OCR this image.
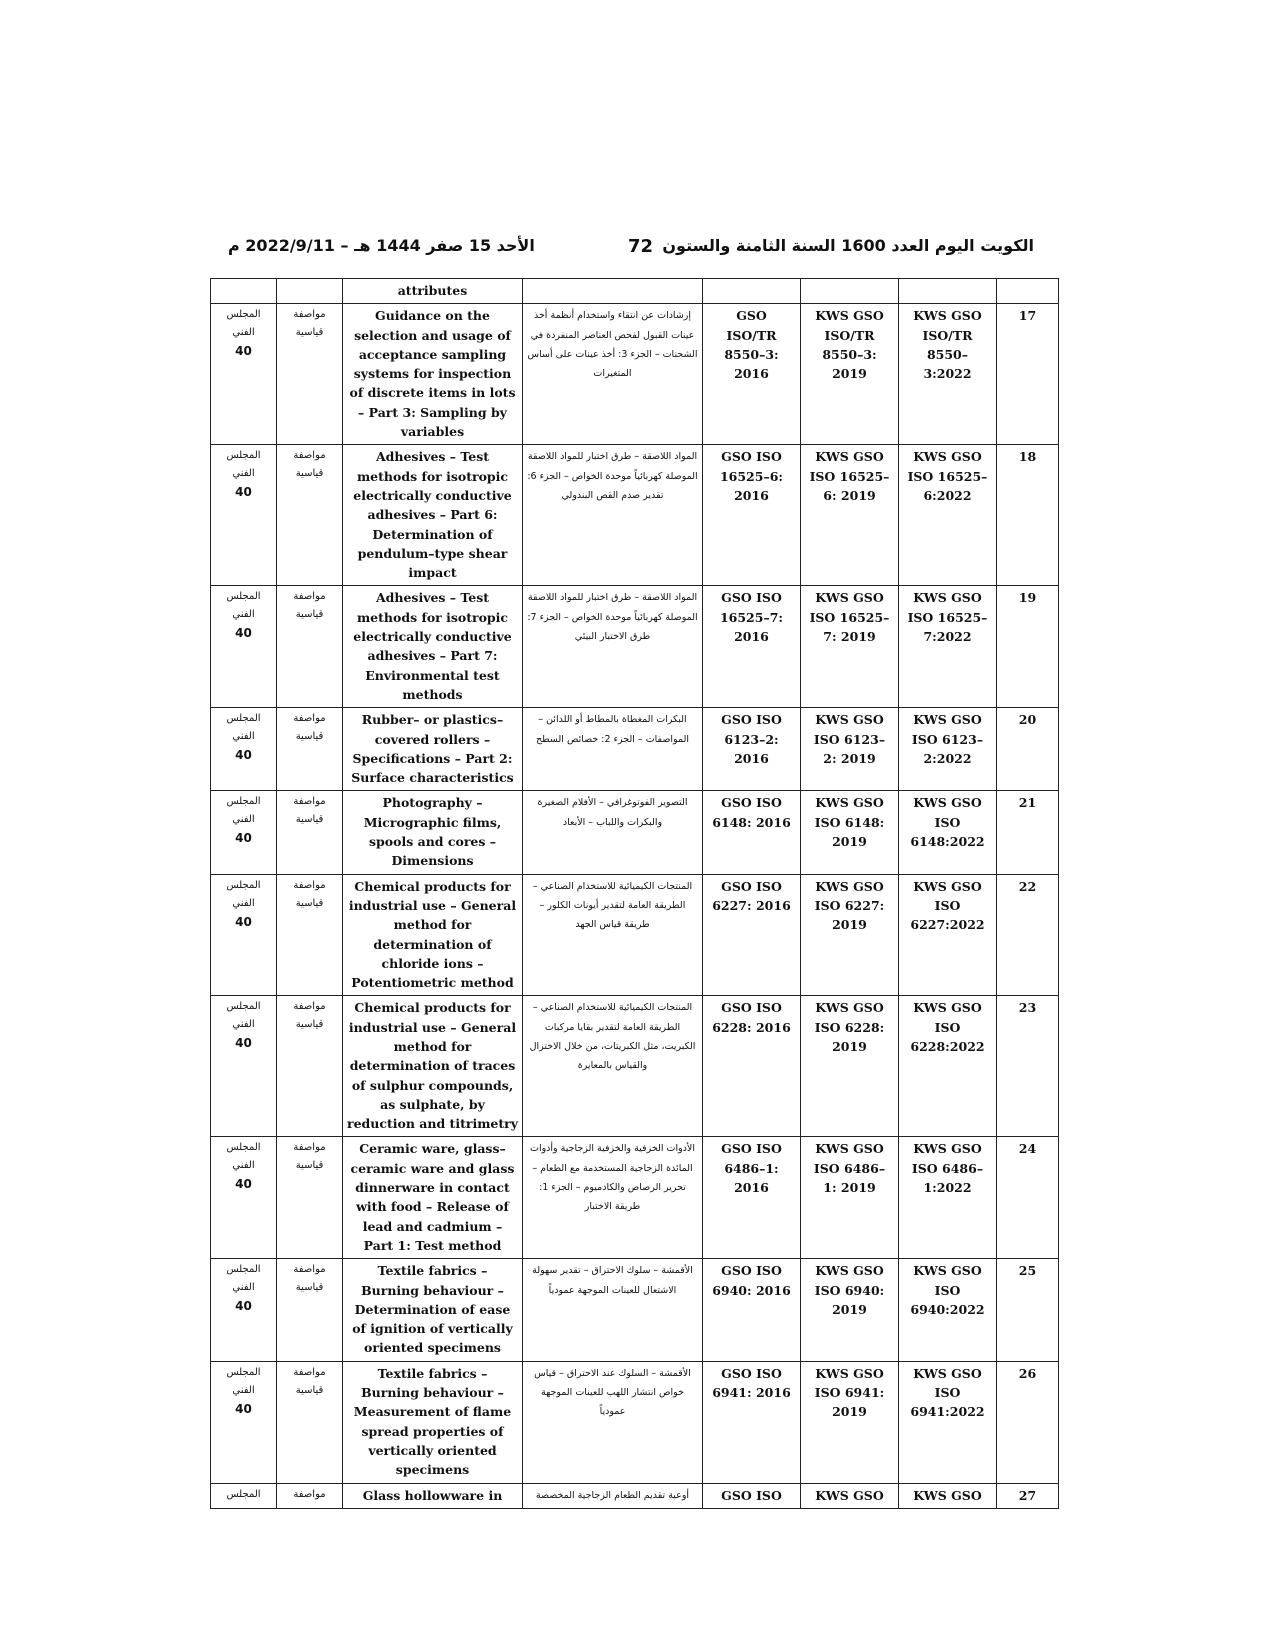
الكويت اليوم العدد 1600 السنة الثامنة والستون
72
الأحد 15 صفر 1444 هـ – 2022/9/11 م
		attributes					

المجلس
الفني
40	مواصفة
قياسية	Guidance on the selection and usage of acceptance sampling systems for inspection of discrete items in lots – Part 3: Sampling by variables	إرشادات عن انتقاء واستخدام أنظمة أخذ عينات القبول لفحص العناصر المنفردة في الشحنات – الجزء 3: أخذ عينات على أساس المتغيرات	GSO
ISO/TR
8550–3:
2016	KWS GSO
ISO/TR
8550–3:
2019	KWS GSO
ISO/TR
8550–
3:2022	17

المجلس
الفني
40	مواصفة
قياسية	Adhesives – Test methods for isotropic electrically conductive adhesives – Part 6: Determination of pendulum–type shear impact	المواد اللاصقة – طرق اختبار للمواد اللاصقة الموصلة كهربائياً موحدة الخواص – الجزء 6: تقدير صدم القص البندولي	GSO ISO
16525–6:
2016	KWS GSO
ISO 16525–
6: 2019	KWS GSO
ISO 16525–
6:2022	18

المجلس
الفني
40	مواصفة
قياسية	Adhesives – Test methods for isotropic electrically conductive adhesives – Part 7: Environmental test methods	المواد اللاصقة – طرق اختبار للمواد اللاصقة الموصلة كهربائياً موحدة الخواص – الجزء 7: طرق الاختبار البيئي	GSO ISO
16525–7:
2016	KWS GSO
ISO 16525–
7: 2019	KWS GSO
ISO 16525–
7:2022	19

المجلس
الفني
40	مواصفة
قياسية	Rubber– or plastics–covered rollers – Specifications – Part 2: Surface characteristics	البكرات المغطاة بالمطاط أو اللدائن – المواصفات – الجزء 2: خصائص السطح	GSO ISO
6123–2:
2016	KWS GSO
ISO 6123–
2: 2019	KWS GSO
ISO 6123–
2:2022	20

المجلس
الفني
40	مواصفة
قياسية	Photography – Micrographic films, spools and cores – Dimensions	التصوير الفوتوغرافي – الأفلام الصغيرة والبكرات واللباب – الأبعاد	GSO ISO
6148: 2016	KWS GSO
ISO 6148:
2019	KWS GSO
ISO
6148:2022	21

المجلس
الفني
40	مواصفة
قياسية	Chemical products for industrial use – General method for determination of chloride ions – Potentiometric method	المنتجات الكيميائية للاستخدام الصناعي – الطريقة العامة لتقدير أيونات الكلور – طريقة قياس الجهد	GSO ISO
6227: 2016	KWS GSO
ISO 6227:
2019	KWS GSO
ISO
6227:2022	22

المجلس
الفني
40	مواصفة
قياسية	Chemical products for industrial use – General method for determination of traces of sulphur compounds, as sulphate, by reduction and titrimetry	المنتجات الكيميائية للاستخدام الصناعي – الطريقة العامة لتقدير بقايا مركبات الكبريت، مثل الكبريتات، من خلال الاختزال والقياس بالمعايرة	GSO ISO
6228: 2016	KWS GSO
ISO 6228:
2019	KWS GSO
ISO
6228:2022	23

المجلس
الفني
40	مواصفة
قياسية	Ceramic ware, glass–ceramic ware and glass dinnerware in contact with food – Release of lead and cadmium – Part 1: Test method	الأدوات الخزفية والخزفية الزجاجية وأدوات المائدة الزجاجية المستخدمة مع الطعام – تحرير الرصاص والكادميوم – الجزء 1: طريقة الاختبار	GSO ISO
6486–1:
2016	KWS GSO
ISO 6486–
1: 2019	KWS GSO
ISO 6486–
1:2022	24

المجلس
الفني
40	مواصفة
قياسية	Textile fabrics – Burning behaviour – Determination of ease of ignition of vertically oriented specimens	الأقمشة – سلوك الاحتراق – تقدير سهولة الاشتعال للعينات الموجهة عمودياً	GSO ISO
6940: 2016	KWS GSO
ISO 6940:
2019	KWS GSO
ISO
6940:2022	25

المجلس
الفني
40	مواصفة
قياسية	Textile fabrics – Burning behaviour – Measurement of flame spread properties of vertically oriented specimens	الأقمشة – السلوك عند الاحتراق – قياس خواص انتشار اللهب للعينات الموجهة عمودياً	GSO ISO
6941: 2016	KWS GSO
ISO 6941:
2019	KWS GSO
ISO
6941:2022	26

المجلس	مواصفة	Glass hollowware in	أوعية تقديم الطعام الزجاجية المخصصة	GSO ISO	KWS GSO	KWS GSO	27
